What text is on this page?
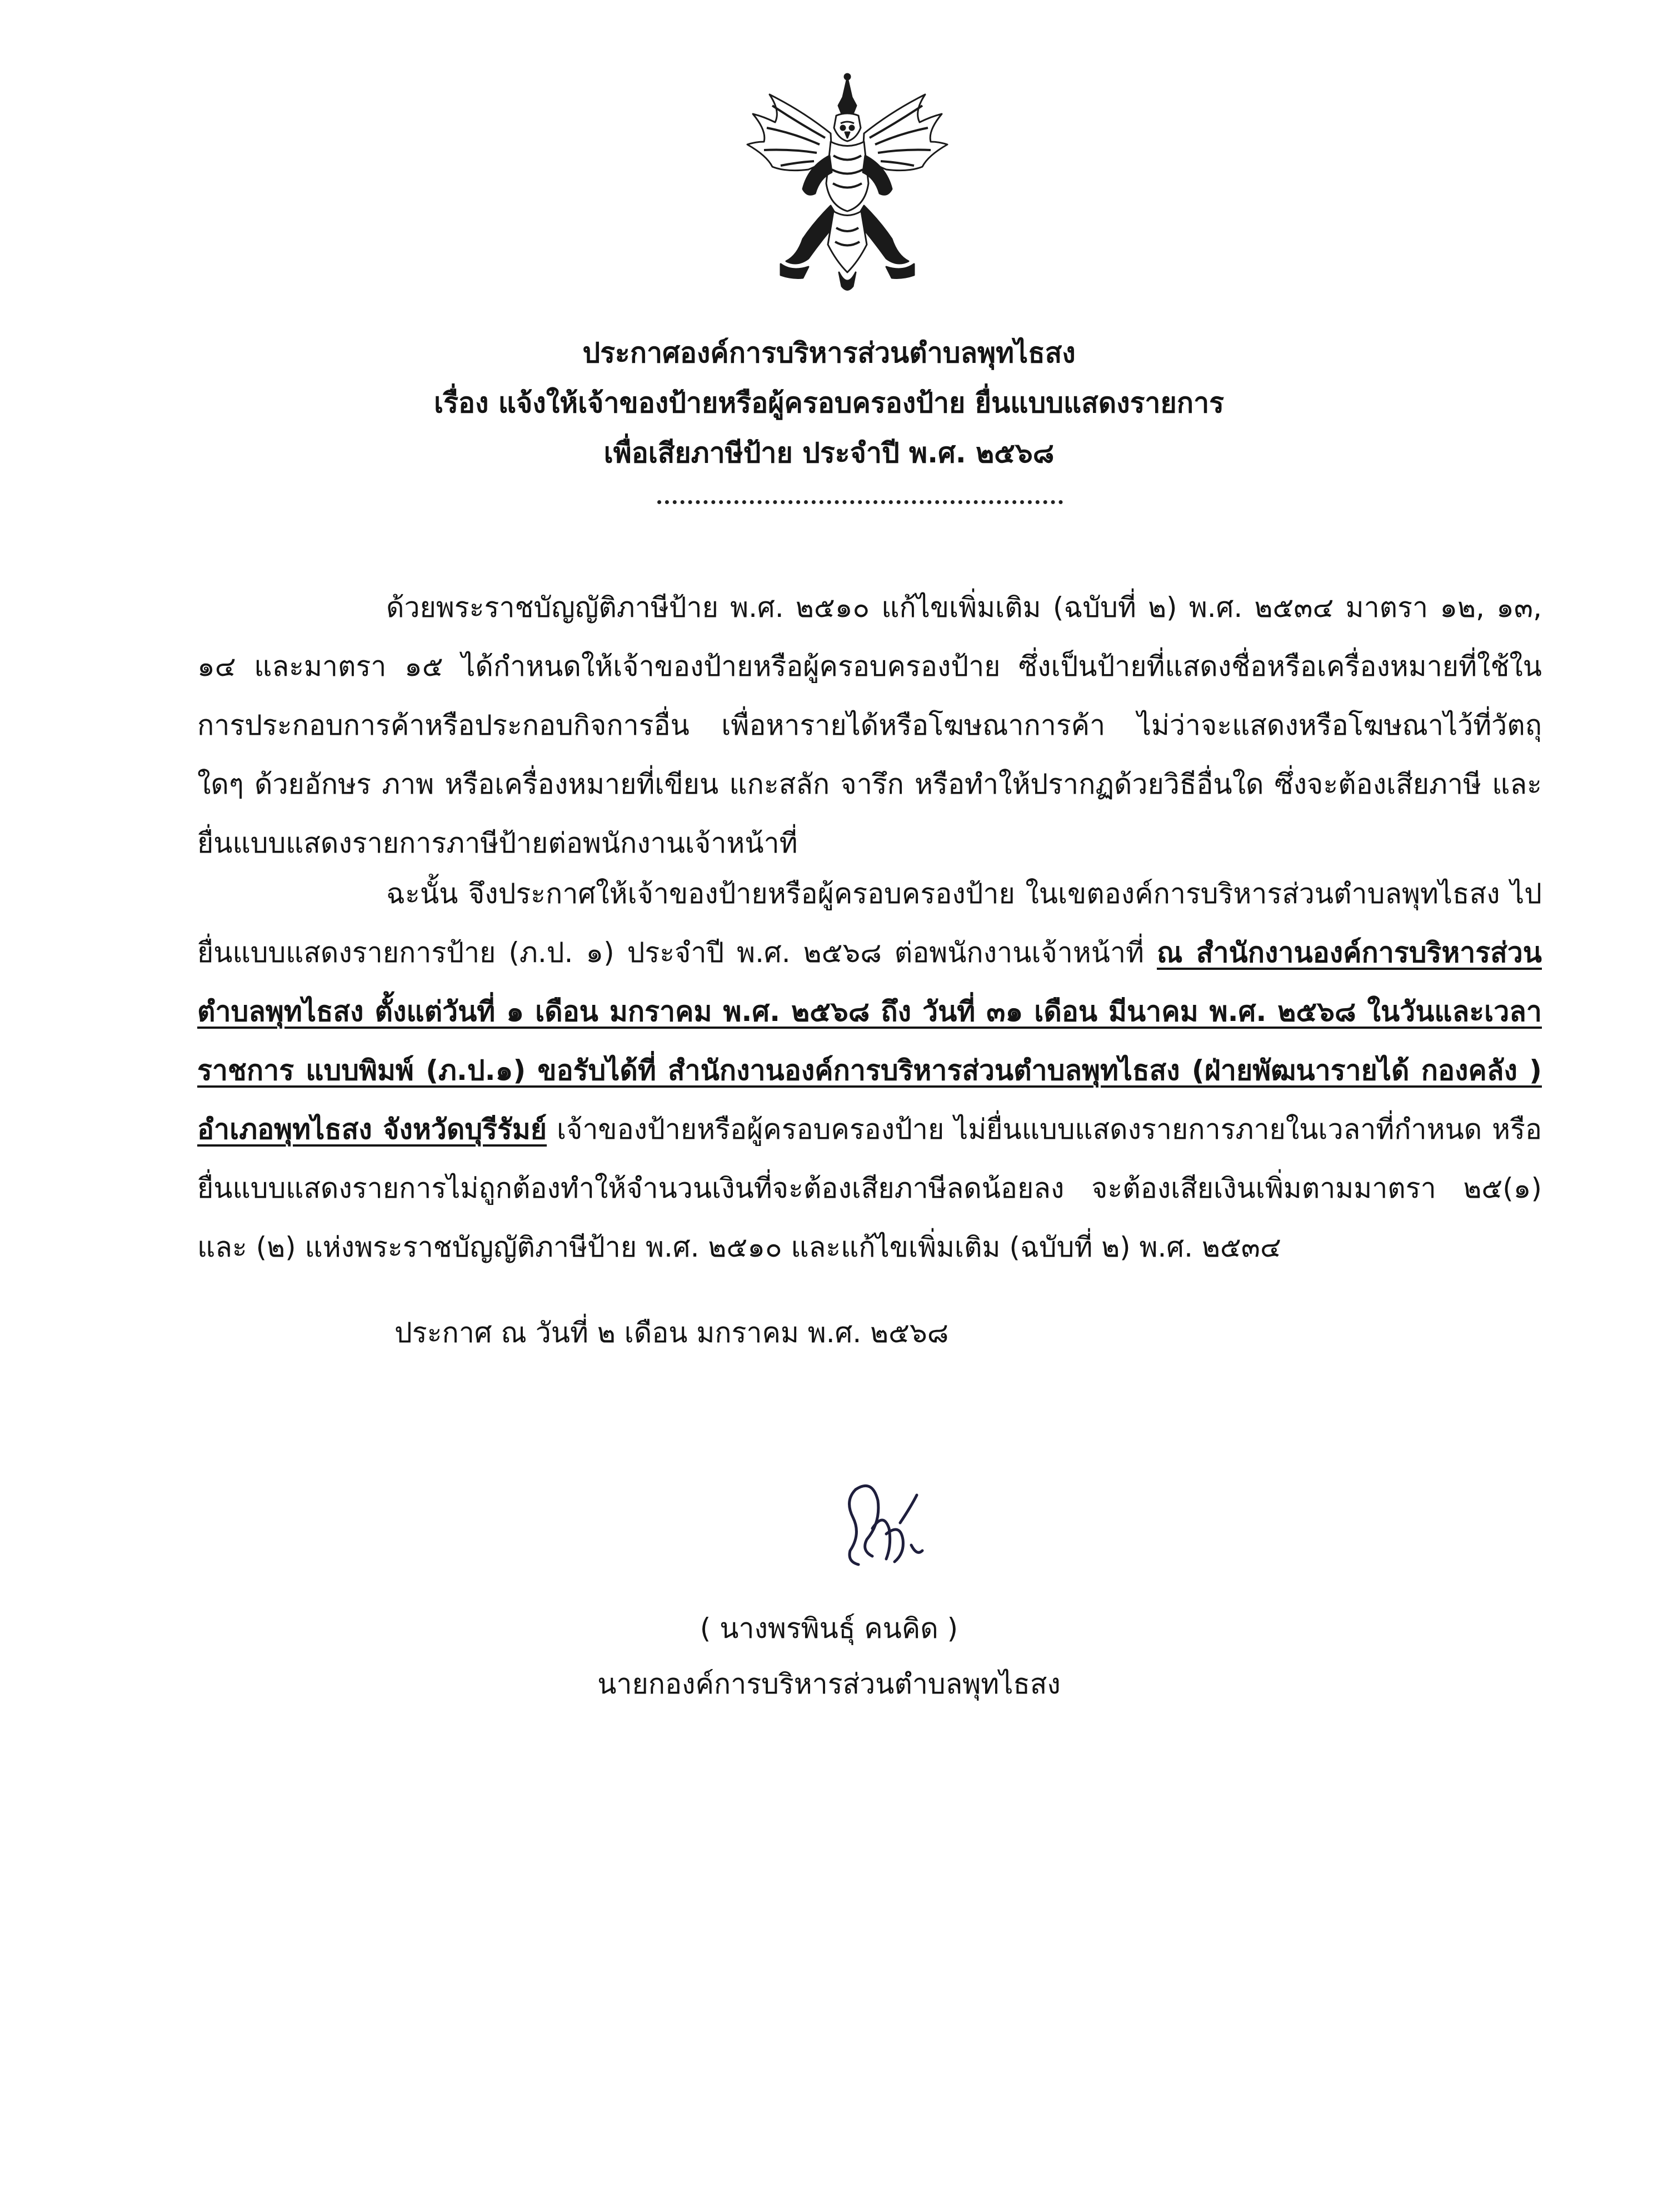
ประกาศองค์การบริหารส่วนตำบลพุทไธสง
เรื่อง แจ้งให้เจ้าของป้ายหรือผู้ครอบครองป้าย ยื่นแบบแสดงรายการ
เพื่อเสียภาษีป้าย ประจำปี พ.ศ. ๒๕๖๘
ด้วยพระราชบัญญัติภาษีป้าย พ.ศ. ๒๕๑๐ แก้ไขเพิ่มเติม (ฉบับที่ ๒) พ.ศ. ๒๕๓๔ มาตรา ๑๒, ๑๓, ๑๔ และมาตรา ๑๕ ได้กำหนดให้เจ้าของป้ายหรือผู้ครอบครองป้าย ซึ่งเป็นป้ายที่แสดงชื่อหรือเครื่องหมายที่ใช้ในการประกอบการค้าหรือประกอบกิจการอื่น เพื่อหารายได้หรือโฆษณาการค้า ไม่ว่าจะแสดงหรือโฆษณาไว้ที่วัตถุใดๆ ด้วยอักษร ภาพ หรือเครื่องหมายที่เขียน แกะสลัก จารึก หรือทำให้ปรากฏด้วยวิธีอื่นใด ซึ่งจะต้องเสียภาษี และยื่นแบบแสดงรายการภาษีป้ายต่อพนักงานเจ้าหน้าที่
ฉะนั้น จึงประกาศให้เจ้าของป้ายหรือผู้ครอบครองป้าย ในเขตองค์การบริหารส่วนตำบลพุทไธสง ไปยื่นแบบแสดงรายการป้าย (ภ.ป. ๑) ประจำปี พ.ศ. ๒๕๖๘ ต่อพนักงานเจ้าหน้าที่ ณ สำนักงานองค์การบริหารส่วนตำบลพุทไธสง ตั้งแต่วันที่ ๑ เดือน มกราคม พ.ศ. ๒๕๖๘ ถึง วันที่ ๓๑ เดือน มีนาคม พ.ศ. ๒๕๖๘ ในวันและเวลาราชการ แบบพิมพ์ (ภ.ป.๑) ขอรับได้ที่ สำนักงานองค์การบริหารส่วนตำบลพุทไธสง (ฝ่ายพัฒนารายได้ กองคลัง ) อำเภอพุทไธสง จังหวัดบุรีรัมย์ เจ้าของป้ายหรือผู้ครอบครองป้าย ไม่ยื่นแบบแสดงรายการภายในเวลาที่กำหนด หรือยื่นแบบแสดงรายการไม่ถูกต้องทำให้จำนวนเงินที่จะต้องเสียภาษีลดน้อยลง จะต้องเสียเงินเพิ่มตามมาตรา ๒๕(๑) และ (๒) แห่งพระราชบัญญัติภาษีป้าย พ.ศ. ๒๕๑๐ และแก้ไขเพิ่มเติม (ฉบับที่ ๒) พ.ศ. ๒๕๓๔
ประกาศ ณ วันที่ ๒ เดือน มกราคม พ.ศ. ๒๕๖๘
( นางพรพินธุ์ คนคิด )
นายกองค์การบริหารส่วนตำบลพุทไธสง
